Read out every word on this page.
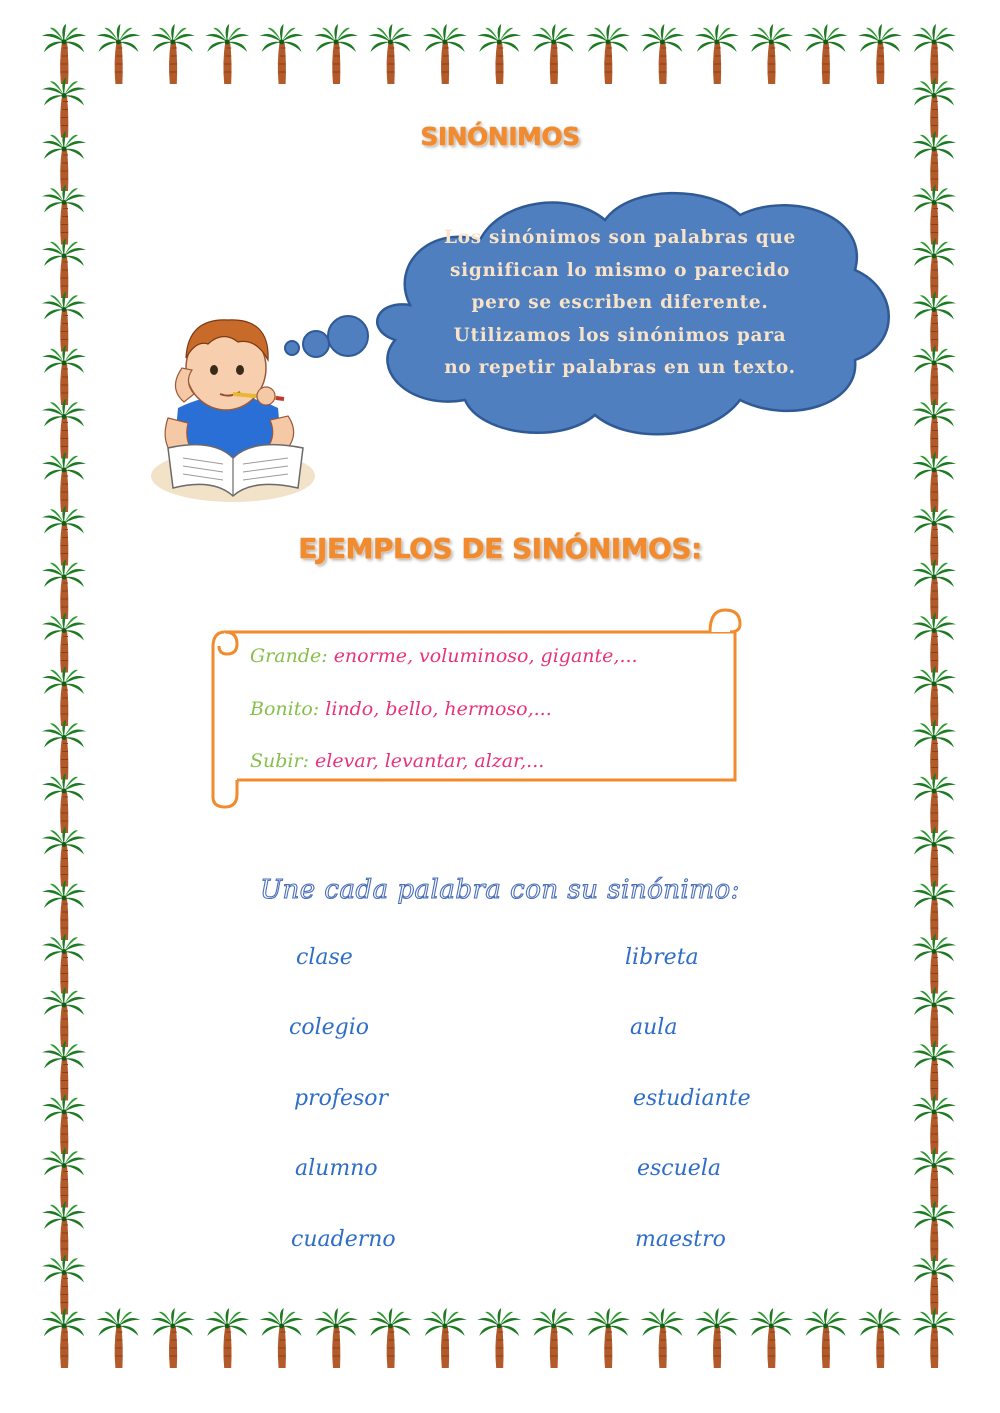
SINÓNIMOS
Los sinónimos son palabras que
significan lo mismo o parecido
pero se escriben diferente.
Utilizamos los sinónimos para
no repetir palabras en un texto.
EJEMPLOS DE SINÓNIMOS:
Grande: enorme, voluminoso, gigante,...
Bonito: lindo, bello, hermoso,...
Subir: elevar, levantar, alzar,...
Une cada palabra con su sinónimo:
clase
colegio
profesor
alumno
cuaderno
libreta
aula
estudiante
escuela
maestro
